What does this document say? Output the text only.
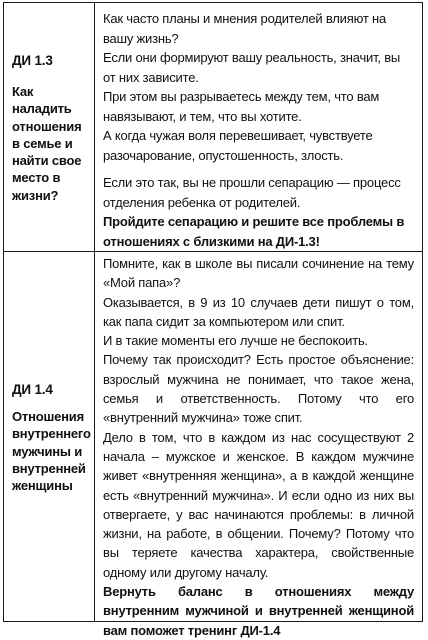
ДИ 1.3
Как наладить отношения в семье и найти свое место в жизни?

Как часто планы и мнения родителей влияют на вашу жизнь?

Если они формируют вашу реальность, значит, вы от них зависите.

При этом вы разрываетесь между тем, что вам навязывают, и тем, что вы хотите.

А когда чужая воля перевешивает, чувствуете разочарование, опустошенность, злость.

Если это так, вы не прошли сепарацию — процесс отделения ребенка от родителей.

Пройдите сепарацию и решите все проблемы в отношениях с близкими на ДИ-1.3!

ДИ 1.4
Отношения внутреннего мужчины и внутренней женщины

Помните, как в школе вы писали сочинение на тему «Мой папа»?

Оказывается, в 9 из 10 случаев дети пишут о том, как папа сидит за компьютером или спит.

И в такие моменты его лучше не беспокоить.

Почему так происходит? Есть простое объяснение: взрослый мужчина не понимает, что такое жена, семья и ответственность. Потому что его «внутренний мужчина» тоже спит.

Дело в том, что в каждом из нас сосуществуют 2 начала – мужское и женское. В каждом мужчине живет «внутренняя женщина», а в каждой женщине есть «внутренний мужчина». И если одно из них вы отвергаете, у вас начинаются проблемы: в личной жизни, на работе, в общении. Почему? Потому что вы теряете качества характера, свойственные одному или другому началу.

Вернуть баланс в отношениях между внутренним мужчиной и внутренней женщиной вам поможет тренинг ДИ-1.4
